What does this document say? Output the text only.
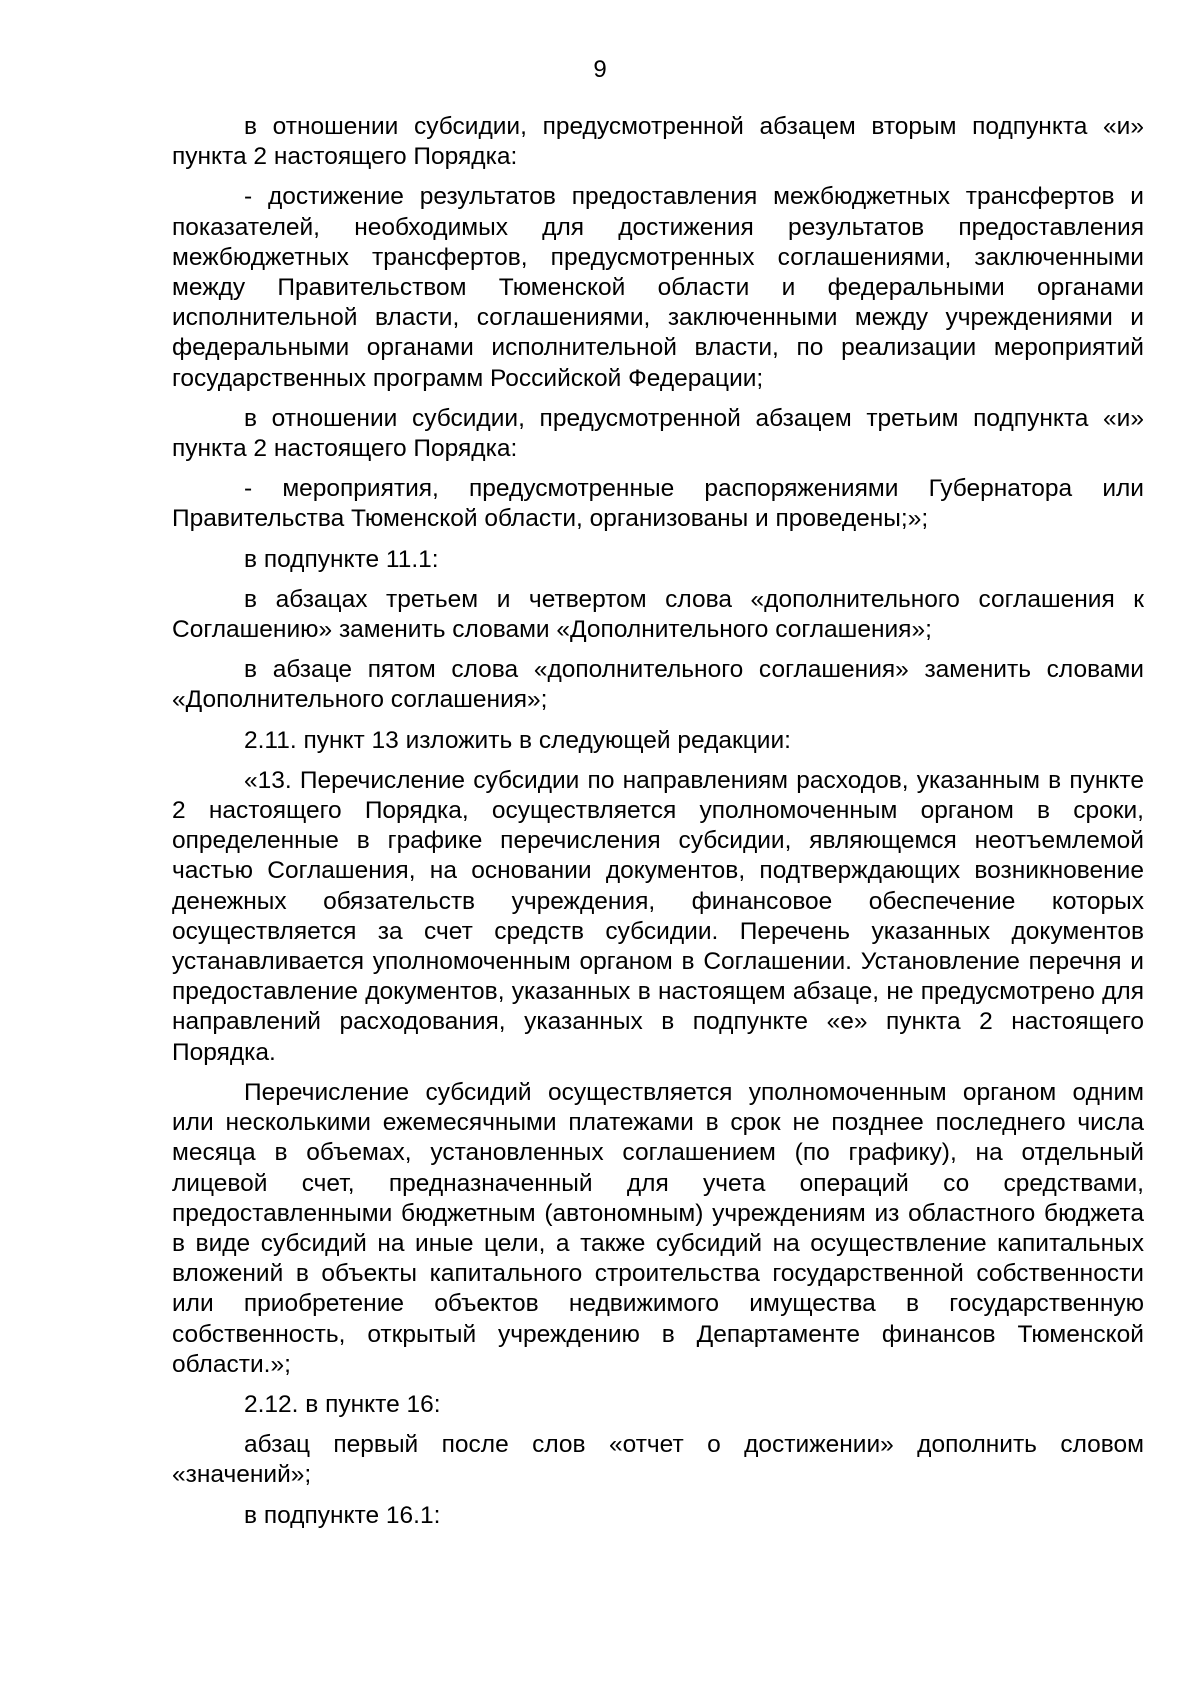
9

в отношении субсидии, предусмотренной абзацем вторым подпункта «и» пункта 2 настоящего Порядка:

- достижение результатов предоставления межбюджетных трансфертов и показателей, необходимых для достижения результатов предоставления межбюджетных трансфертов, предусмотренных соглашениями, заключенными между Правительством Тюменской области и федеральными органами исполнительной власти, соглашениями, заключенными между учреждениями и федеральными органами исполнительной власти, по реализации мероприятий государственных программ Российской Федерации;

в отношении субсидии, предусмотренной абзацем третьим подпункта «и» пункта 2 настоящего Порядка:

- мероприятия, предусмотренные распоряжениями Губернатора или Правительства Тюменской области, организованы и проведены;»;

в подпункте 11.1:

в абзацах третьем и четвертом слова «дополнительного соглашения к Соглашению» заменить словами «Дополнительного соглашения»;

в абзаце пятом слова «дополнительного соглашения» заменить словами «Дополнительного соглашения»;

2.11. пункт 13 изложить в следующей редакции:

«13. Перечисление субсидии по направлениям расходов, указанным в пункте 2 настоящего Порядка, осуществляется уполномоченным органом в сроки, определенные в графике перечисления субсидии, являющемся неотъемлемой частью Соглашения, на основании документов, подтверждающих возникновение денежных обязательств учреждения, финансовое обеспечение которых осуществляется за счет средств субсидии. Перечень указанных документов устанавливается уполномоченным органом в Соглашении. Установление перечня и предоставление документов, указанных в настоящем абзаце, не предусмотрено для направлений расходования, указанных в подпункте «е» пункта 2 настоящего Порядка.

Перечисление субсидий осуществляется уполномоченным органом одним или несколькими ежемесячными платежами в срок не позднее последнего числа месяца в объемах, установленных соглашением (по графику), на отдельный лицевой счет, предназначенный для учета операций со средствами, предоставленными бюджетным (автономным) учреждениям из областного бюджета в виде субсидий на иные цели, а также субсидий на осуществление капитальных вложений в объекты капитального строительства государственной собственности или приобретение объектов недвижимого имущества в государственную собственность, открытый учреждению в Департаменте финансов Тюменской области.»;

2.12. в пункте 16:

абзац первый после слов «отчет о достижении» дополнить словом «значений»;

в подпункте 16.1:
